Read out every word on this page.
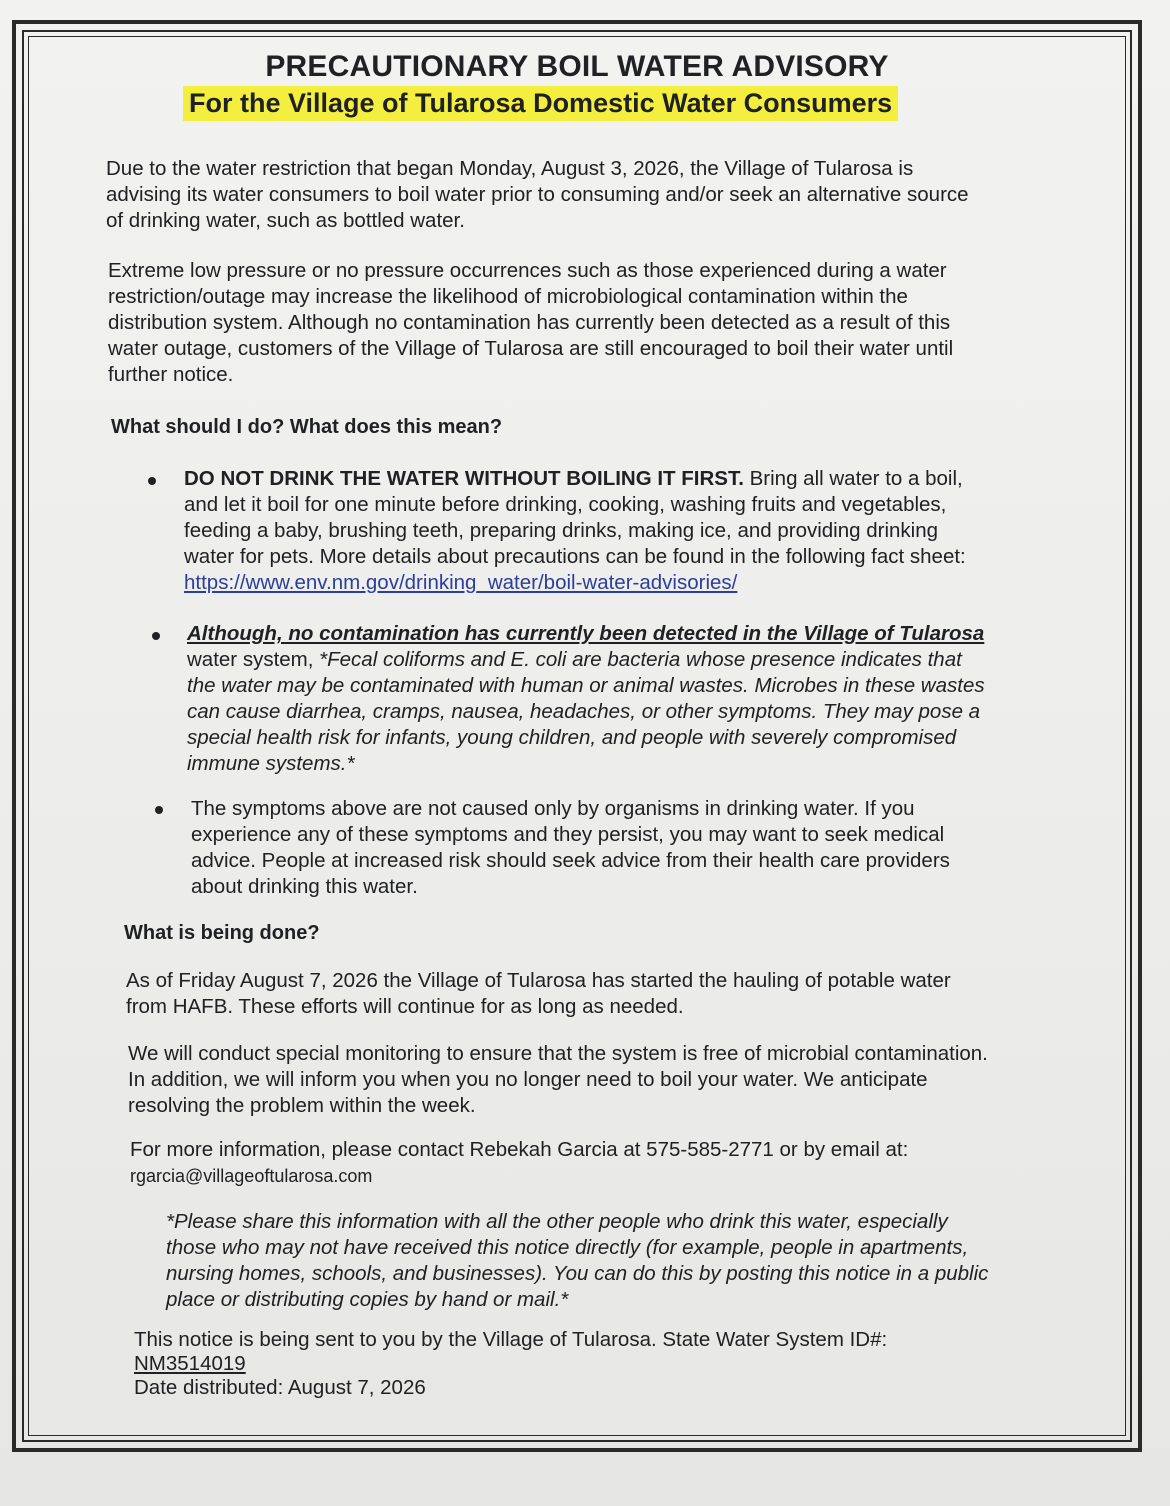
PRECAUTIONARY BOIL WATER ADVISORY
For the Village of Tularosa Domestic Water Consumers
Due to the water restriction that began Monday, August 3, 2026, the Village of Tularosa is
advising its water consumers to boil water prior to consuming and/or seek an alternative source
of drinking water, such as bottled water.
Extreme low pressure or no pressure occurrences such as those experienced during a water
restriction/outage may increase the likelihood of microbiological contamination within the
distribution system. Although no contamination has currently been detected as a result of this
water outage, customers of the Village of Tularosa are still encouraged to boil their water until
further notice.
What should I do? What does this mean?
DO NOT DRINK THE WATER WITHOUT BOILING IT FIRST. Bring all water to a boil,
and let it boil for one minute before drinking, cooking, washing fruits and vegetables,
feeding a baby, brushing teeth, preparing drinks, making ice, and providing drinking
water for pets. More details about precautions can be found in the following fact sheet:
https://www.env.nm.gov/drinking_water/boil-water-advisories/
Although, no contamination has currently been detected in the Village of Tularosa
water system, *Fecal coliforms and E. coli are bacteria whose presence indicates that
the water may be contaminated with human or animal wastes. Microbes in these wastes
can cause diarrhea, cramps, nausea, headaches, or other symptoms. They may pose a
special health risk for infants, young children, and people with severely compromised
immune systems.*
The symptoms above are not caused only by organisms in drinking water. If you
experience any of these symptoms and they persist, you may want to seek medical
advice. People at increased risk should seek advice from their health care providers
about drinking this water.
What is being done?
As of Friday August 7, 2026 the Village of Tularosa has started the hauling of potable water
from HAFB. These efforts will continue for as long as needed.
We will conduct special monitoring to ensure that the system is free of microbial contamination.
In addition, we will inform you when you no longer need to boil your water. We anticipate
resolving the problem within the week.
For more information, please contact Rebekah Garcia at 575-585-2771 or by email at:
rgarcia@villageoftularosa.com
*Please share this information with all the other people who drink this water, especially
those who may not have received this notice directly (for example, people in apartments,
nursing homes, schools, and businesses). You can do this by posting this notice in a public
place or distributing copies by hand or mail.*
This notice is being sent to you by the Village of Tularosa. State Water System ID#:
NM3514019
Date distributed: August 7, 2026
